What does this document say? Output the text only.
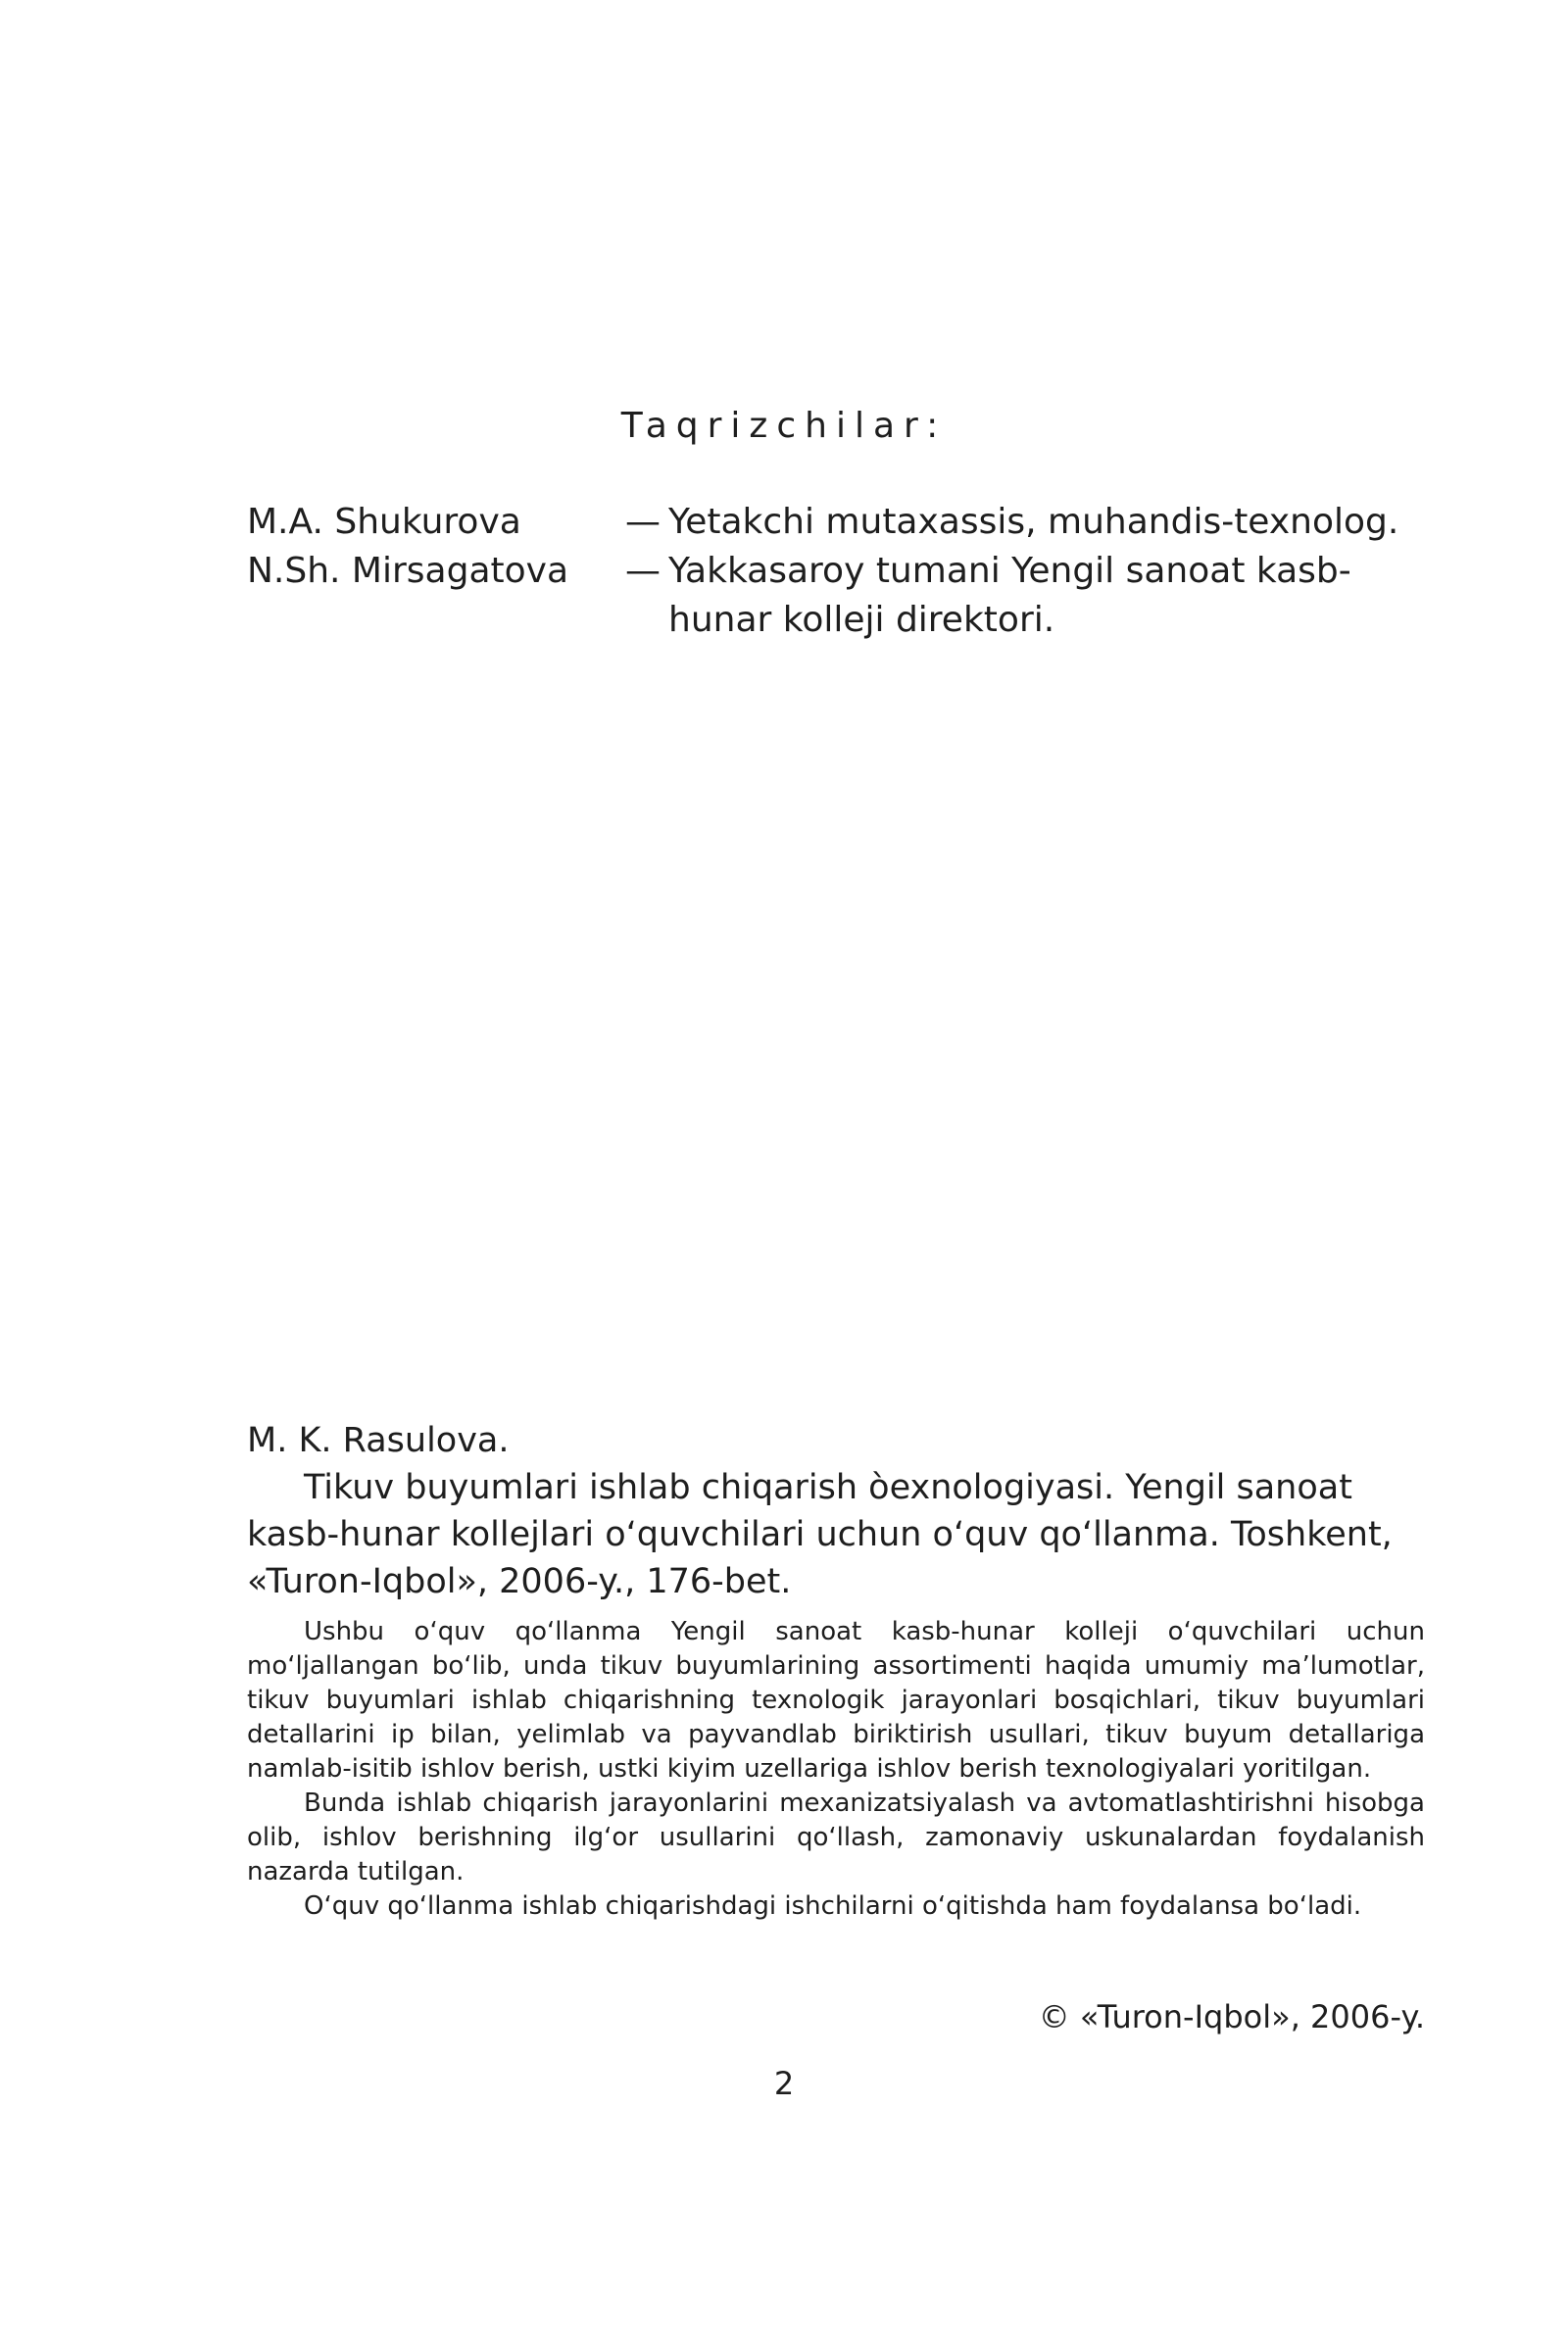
Taqrizchilar:
M.A. Shukurova	— Yetakchi mutaxassis, muhandis-texnolog.
N.Sh. Mirsagatova	— Yakkasaroy tumani Yengil sanoat kasb-hunar kolleji direktori.
M. K. Rasulova.
Tikuv buyumlari ishlab chiqarish òexnologiyasi. Yengil sanoat kasb-hunar kollejlari o‘quvchilari uchun o‘quv qo‘llanma. Toshkent, «Turon-Iqbol», 2006-y., 176-bet.

Ushbu o‘quv qo‘llanma Yengil sanoat kasb-hunar kolleji o‘quvchilari uchun mo‘ljallangan bo‘lib, unda tikuv buyumlarining assortimenti haqida umumiy ma’lumotlar, tikuv buyumlari ishlab chiqarishning texnologik jarayonlari bosqichlari, tikuv buyumlari detallarini ip bilan, yelimlab va payvandlab biriktirish usullari, tikuv buyum detallariga namlab-isitib ishlov berish, ustki kiyim uzellariga ishlov berish texnologiyalari yoritilgan.

Bunda ishlab chiqarish jarayonlarini mexanizatsiyalash va avtomatlashtirishni hisobga olib, ishlov berishning ilg‘or usullarini qo‘llash, zamonaviy uskunalardan foydalanish nazarda tutilgan.

O‘quv qo‘llanma ishlab chiqarishdagi ishchilarni o‘qitishda ham foydalansa bo‘ladi.

© «Turon-Iqbol», 2006-y.
2
